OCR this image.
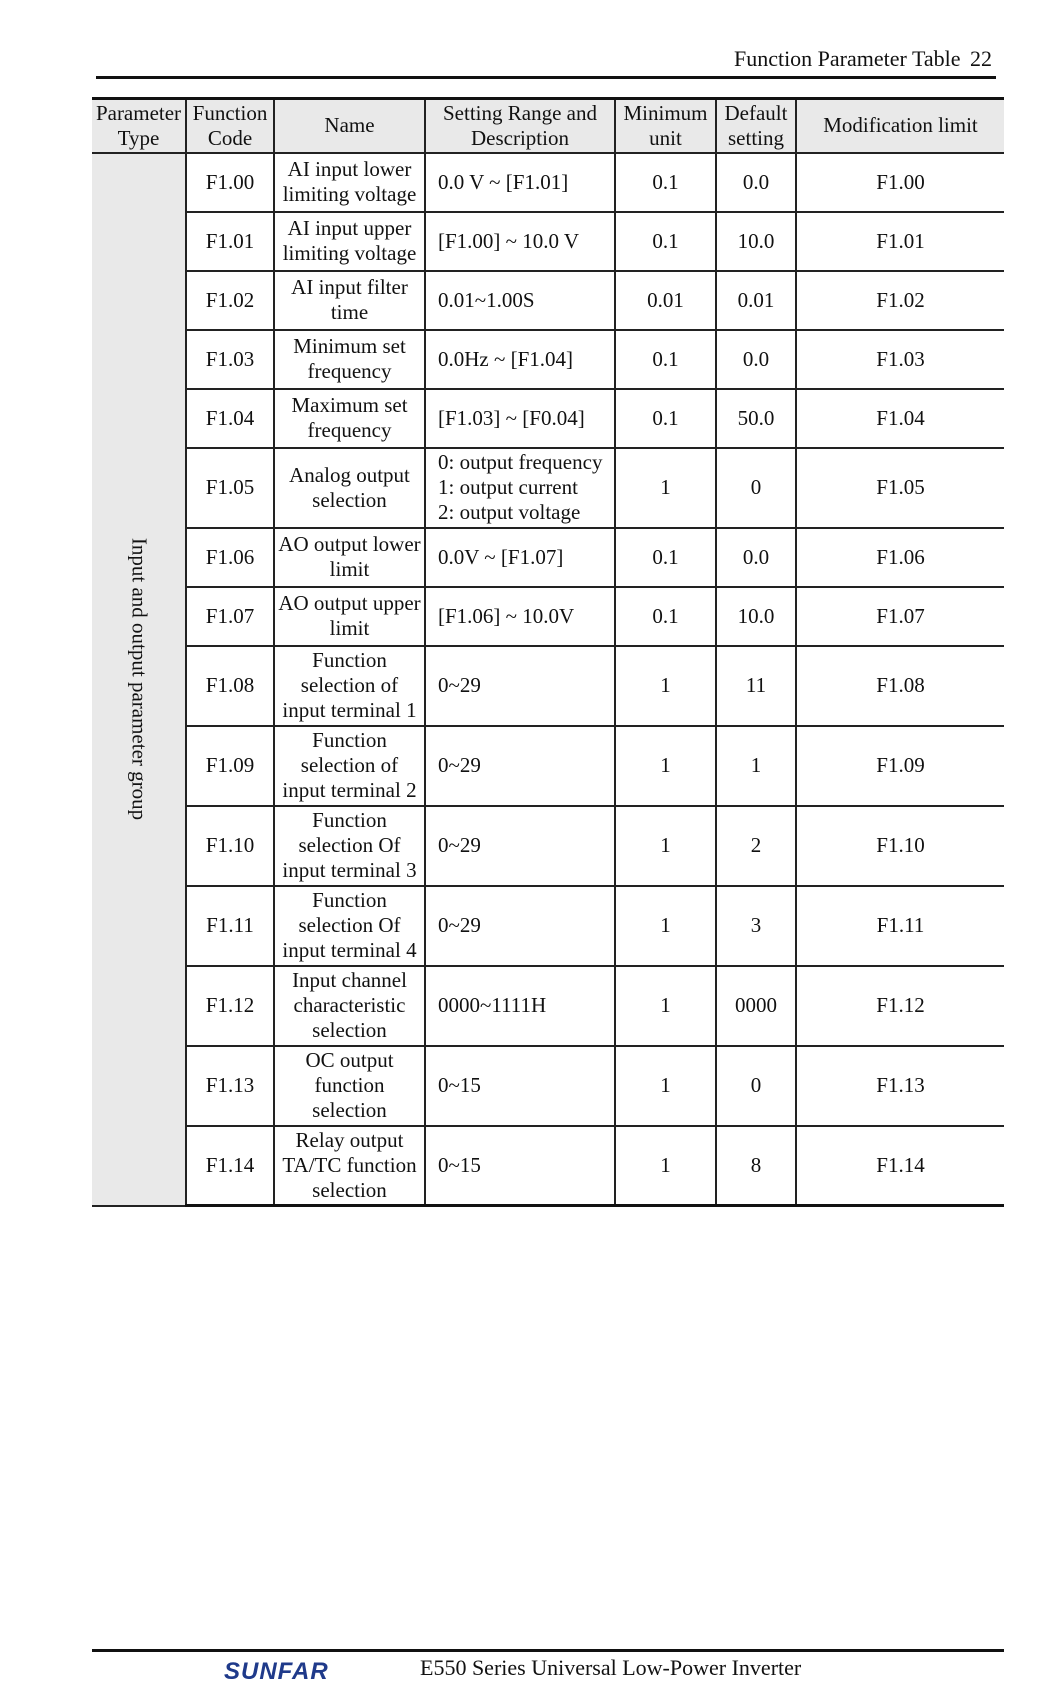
Function Parameter Table 22
Parameter Type	Function Code	Name	Setting Range and Description	Minimum unit	Default setting	Modification limit

Input and output parameter group	F1.00	AI input lower limiting voltage	0.0 V ~ [F1.01]	0.1	0.0	F1.00
	F1.01	AI input upper limiting voltage	[F1.00] ~ 10.0 V	0.1	10.0	F1.01
	F1.02	AI input filter time	0.01~1.00S	0.01	0.01	F1.02
	F1.03	Minimum set frequency	0.0Hz ~ [F1.04]	0.1	0.0	F1.03
	F1.04	Maximum set frequency	[F1.03] ~ [F0.04]	0.1	50.0	F1.04
	F1.05	Analog output selection	0: output frequency
1: output current
2: output voltage	1	0	F1.05
	F1.06	AO output lower limit	0.0V ~ [F1.07]	0.1	0.0	F1.06
	F1.07	AO output upper limit	[F1.06] ~ 10.0V	0.1	10.0	F1.07
	F1.08	Function selection of input terminal 1	0~29	1	11	F1.08
	F1.09	Function selection of input terminal 2	0~29	1	1	F1.09
	F1.10	Function selection Of input terminal 3	0~29	1	2	F1.10
	F1.11	Function selection Of input terminal 4	0~29	1	3	F1.11
	F1.12	Input channel characteristic selection	0000~1111H	1	0000	F1.12
	F1.13	OC output function selection	0~15	1	0	F1.13
	F1.14	Relay output TA/TC function selection	0~15	1	8	F1.14
SUNFAR	E550 Series Universal Low-Power Inverter
